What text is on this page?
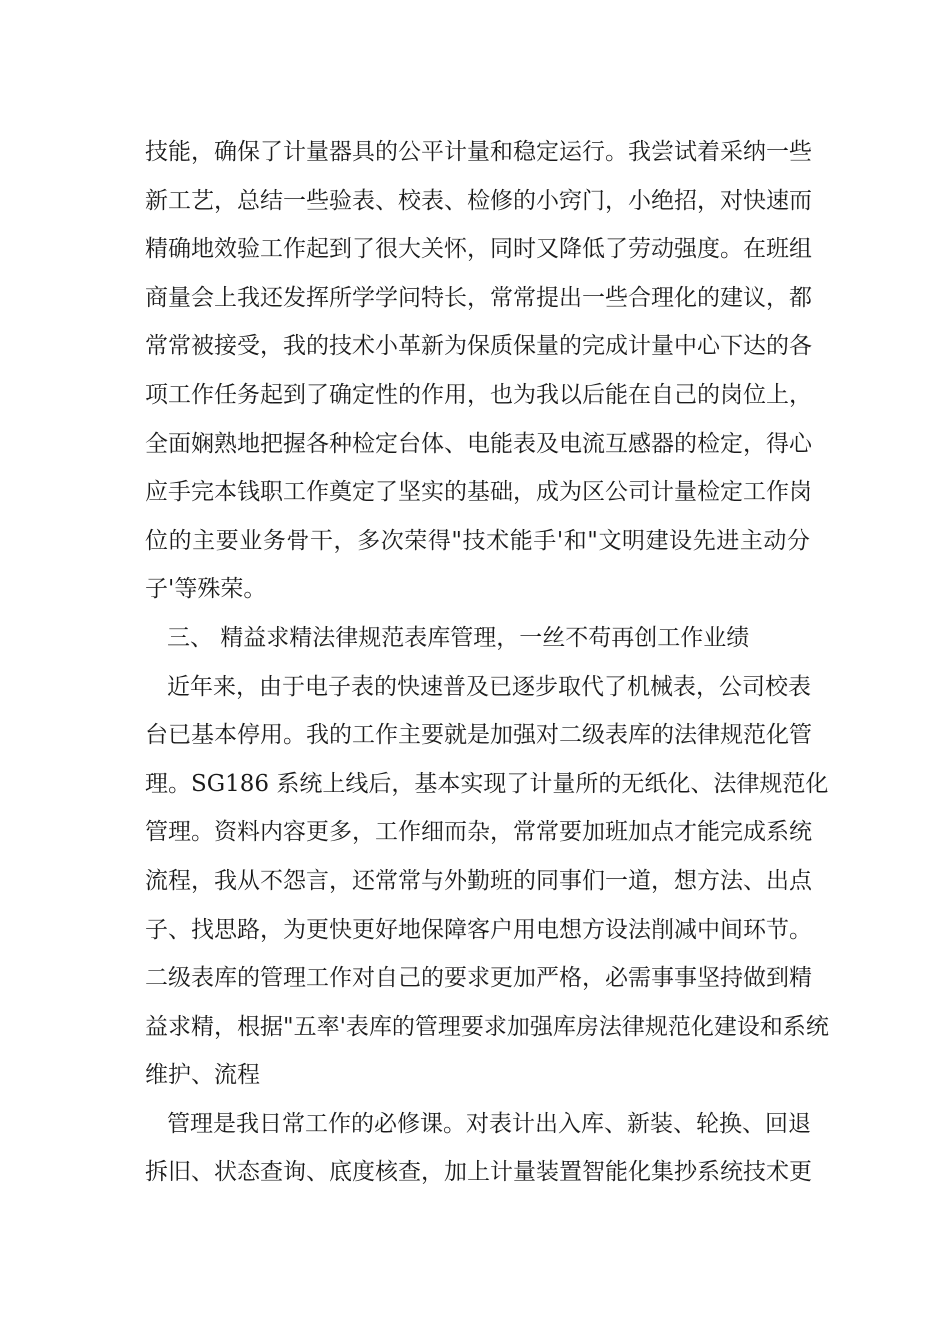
技能，确保了计量器具的公平计量和稳定运行。我尝试着采纳一些
新工艺，总结一些验表、校表、检修的小窍门，小绝招，对快速而
精确地效验工作起到了很大关怀，同时又降低了劳动强度。在班组
商量会上我还发挥所学学问特长，常常提出一些合理化的建议，都
常常被接受，我的技术小革新为保质保量的完成计量中心下达的各
项工作任务起到了确定性的作用，也为我以后能在自己的岗位上，
全面娴熟地把握各种检定台体、电能表及电流互感器的检定，得心
应手完本钱职工作奠定了坚实的基础，成为区公司计量检定工作岗
位的主要业务骨干，多次荣得"技术能手'和"文明建设先进主动分
子'等殊荣。
三、 精益求精法律规范表库管理，一丝不苟再创工作业绩
近年来，由于电子表的快速普及已逐步取代了机械表，公司校表
台已基本停用。我的工作主要就是加强对二级表库的法律规范化管
理。SG186 系统上线后，基本实现了计量所的无纸化、法律规范化
管理。资料内容更多，工作细而杂，常常要加班加点才能完成系统
流程，我从不怨言，还常常与外勤班的同事们一道，想方法、出点
子、找思路，为更快更好地保障客户用电想方设法削减中间环节。
二级表库的管理工作对自己的要求更加严格，必需事事坚持做到精
益求精，根据"五率'表库的管理要求加强库房法律规范化建设和系统
维护、流程
管理是我日常工作的必修课。对表计出入库、新装、轮换、回退
拆旧、状态查询、底度核查，加上计量装置智能化集抄系统技术更
